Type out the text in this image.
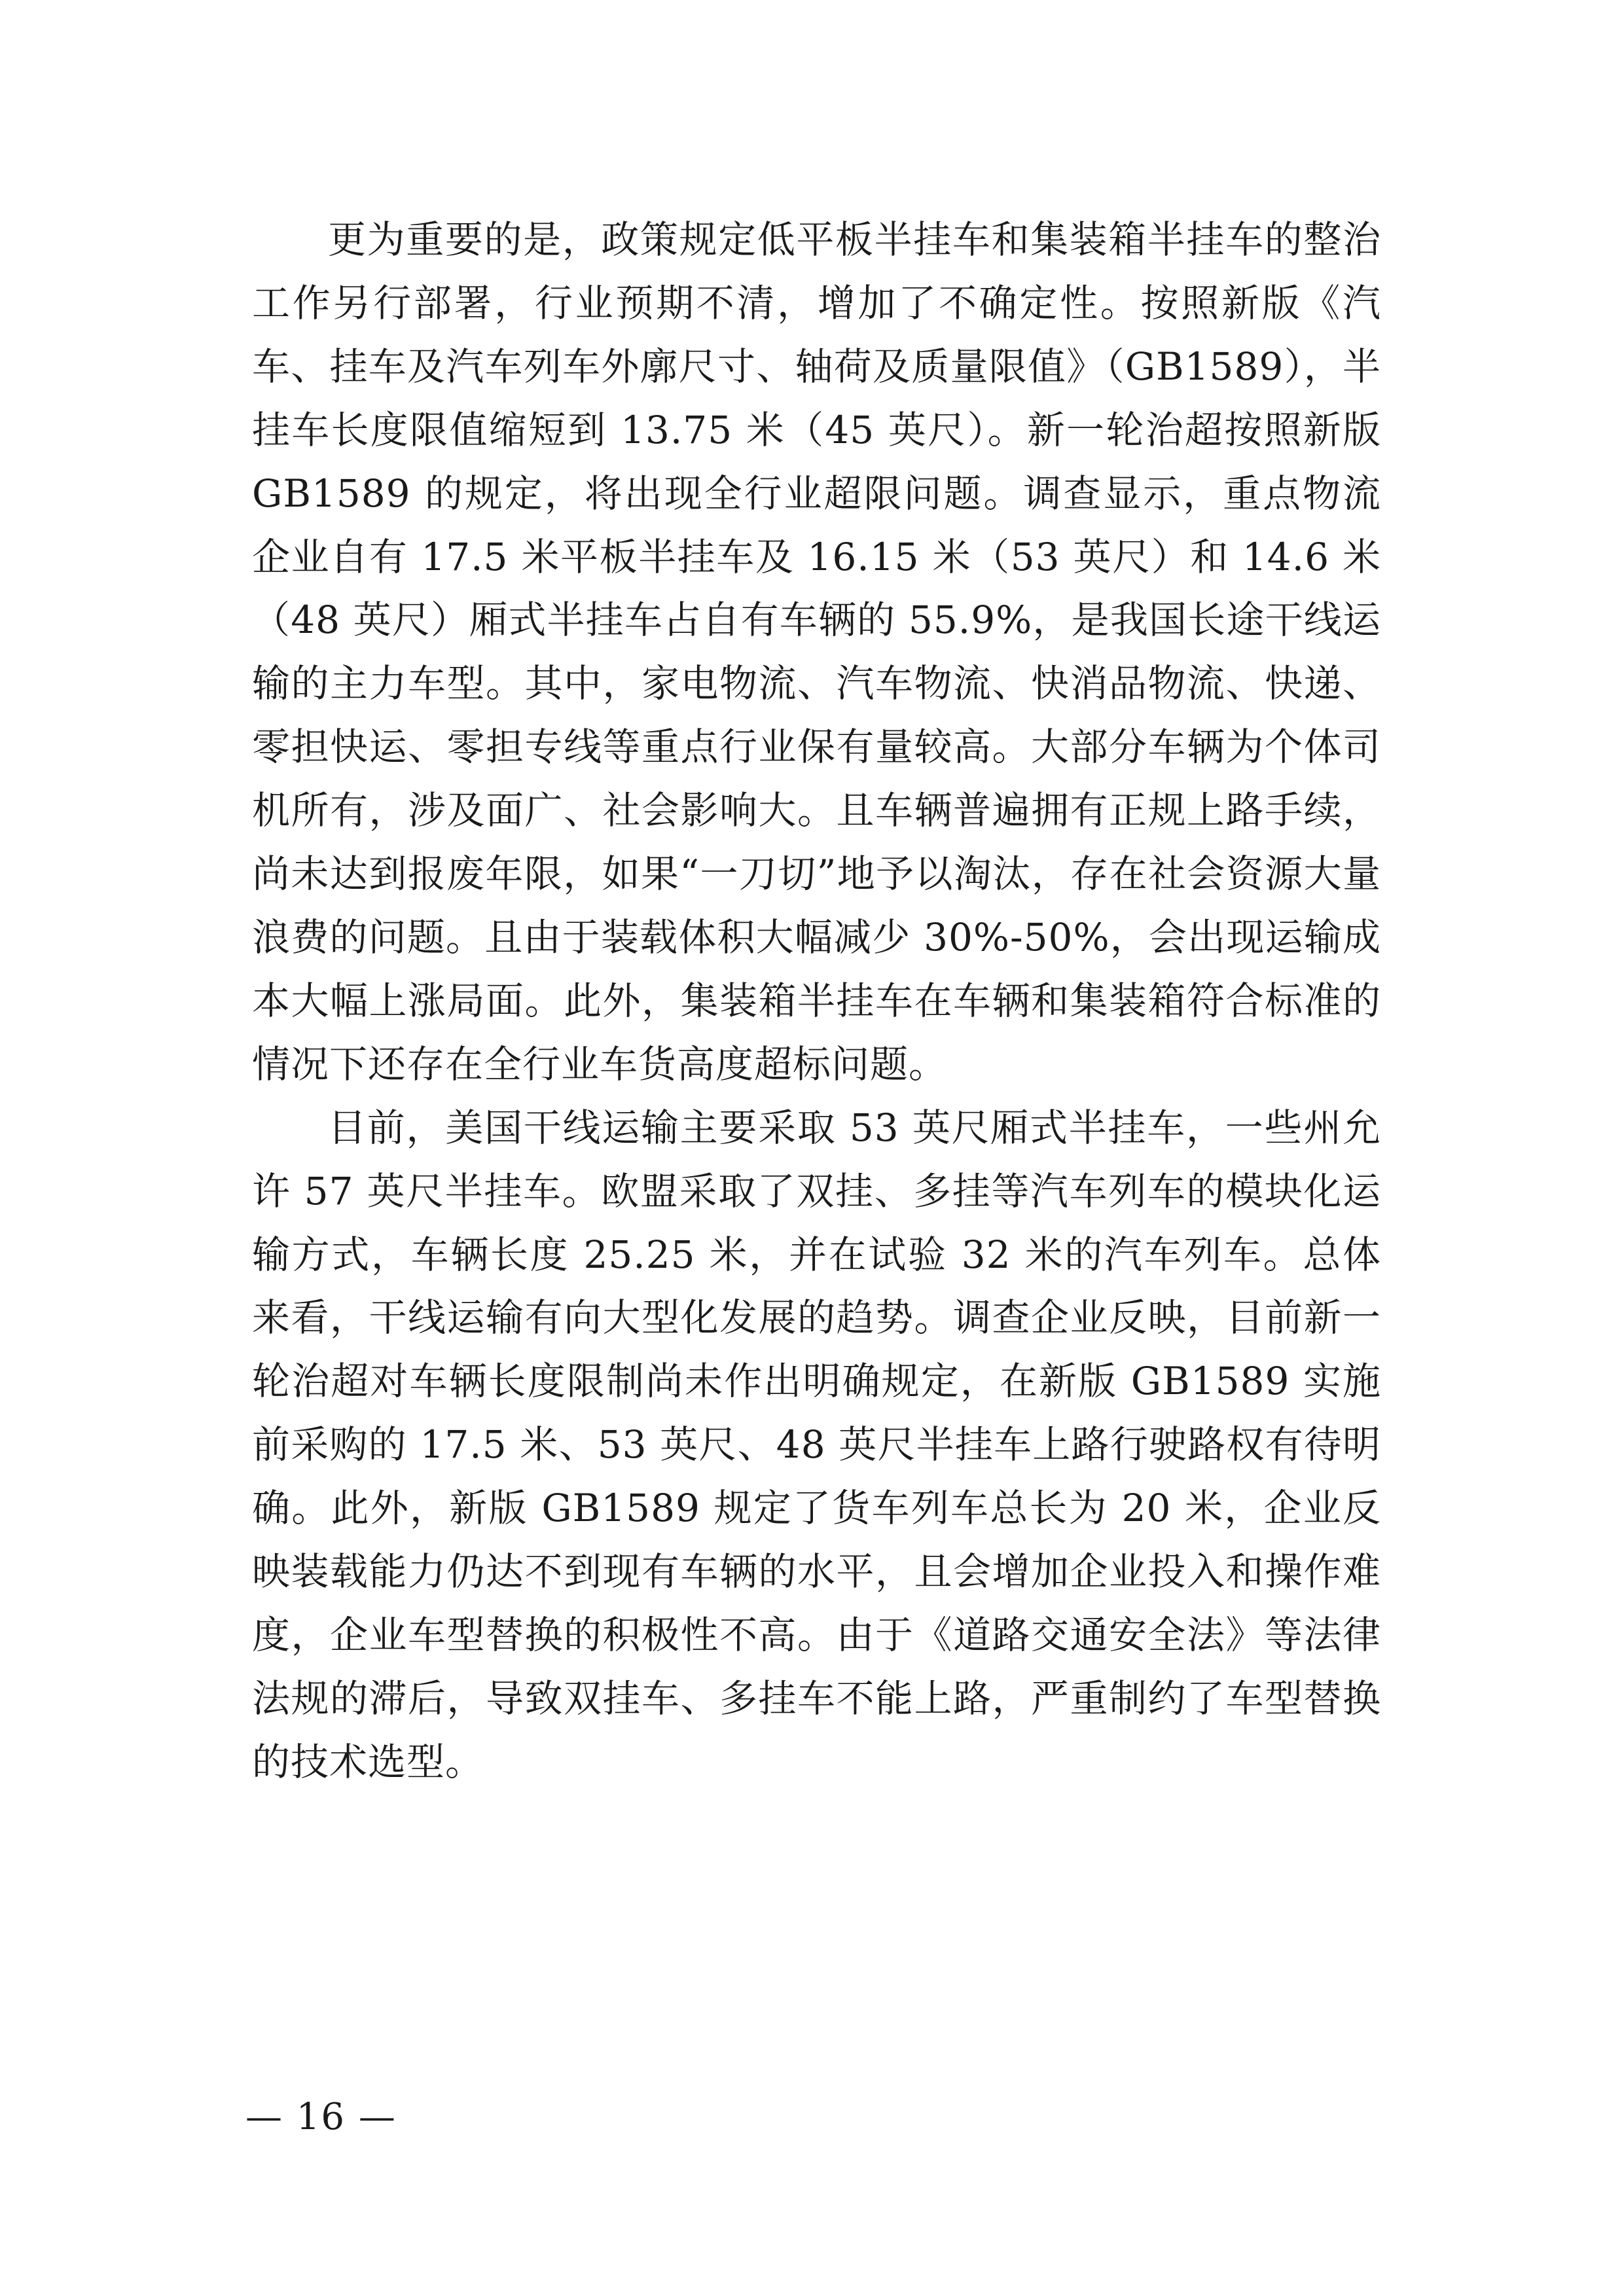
更为重要的是，政策规定低平板半挂车和集装箱半挂车的整治工作另行部署，行业预期不清，增加了不确定性。按照新版《汽车、挂车及汽车列车外廓尺寸、轴荷及质量限值》（GB1589），半挂车长度限值缩短到 13.75 米（45 英尺）。新一轮治超按照新版 GB1589 的规定，将出现全行业超限问题。调查显示，重点物流企业自有 17.5 米平板半挂车及 16.15 米（53 英尺）和 14.6 米（48 英尺）厢式半挂车占自有车辆的 55.9%，是我国长途干线运输的主力车型。其中，家电物流、汽车物流、快消品物流、快递、零担快运、零担专线等重点行业保有量较高。大部分车辆为个体司机所有，涉及面广、社会影响大。且车辆普遍拥有正规上路手续，尚未达到报废年限，如果“一刀切”地予以淘汰，存在社会资源大量浪费的问题。且由于装载体积大幅减少 30%-50%，会出现运输成本大幅上涨局面。此外，集装箱半挂车在车辆和集装箱符合标准的情况下还存在全行业车货高度超标问题。

目前，美国干线运输主要采取 53 英尺厢式半挂车，一些州允许 57 英尺半挂车。欧盟采取了双挂、多挂等汽车列车的模块化运输方式，车辆长度 25.25 米，并在试验 32 米的汽车列车。总体来看，干线运输有向大型化发展的趋势。调查企业反映，目前新一轮治超对车辆长度限制尚未作出明确规定，在新版 GB1589 实施前采购的 17.5 米、53 英尺、48 英尺半挂车上路行驶路权有待明确。此外，新版 GB1589 规定了货车列车总长为 20 米，企业反映装载能力仍达不到现有车辆的水平，且会增加企业投入和操作难度，企业车型替换的积极性不高。由于《道路交通安全法》等法律法规的滞后，导致双挂车、多挂车不能上路，严重制约了车型替换的技术选型。

— 16 —
